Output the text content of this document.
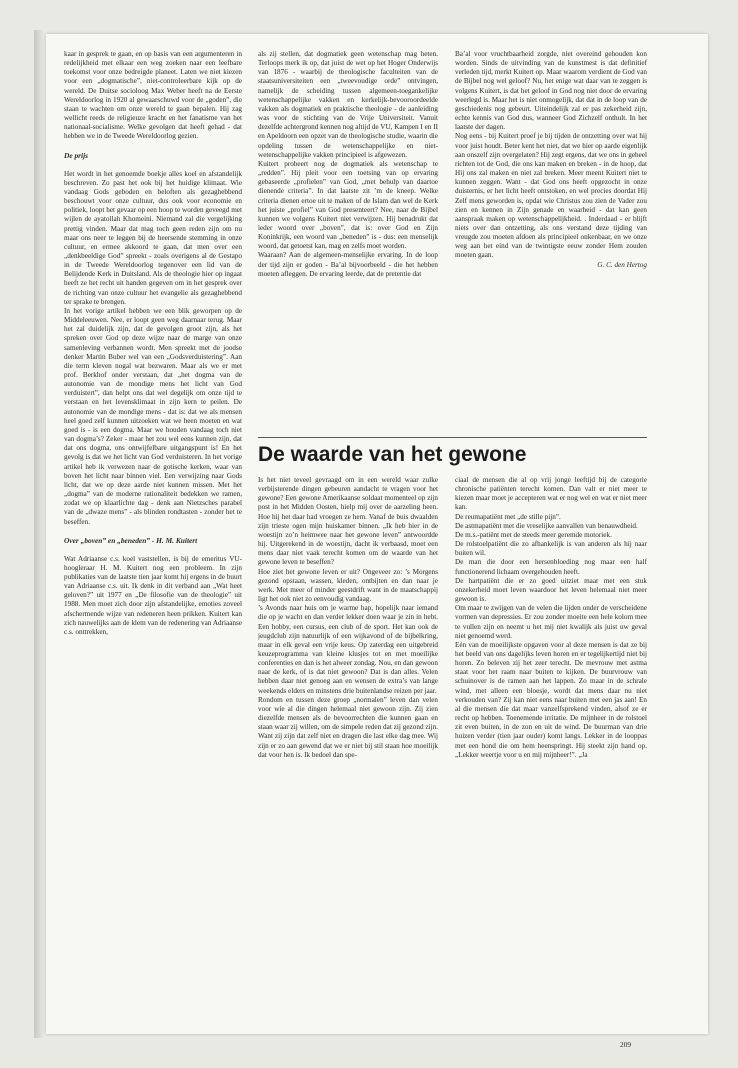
kaar in gesprek te gaan, en op basis van een argumenteren in redelijkheid met elkaar een weg zoeken naar een leefbare toekomst voor onze bedreigde planeet. Laten we niet kiezen voor een „dogmatische”, niet-controleerbare kijk op de wereld. De Duitse socioloog Max Weber heeft na de Eerste Wereldoorlog in 1920 al gewaarschuwd voor de „goden”, die staan te wachten om onze wereld te gaan bepalen. Hij zag wellicht reeds de religieuze kracht en het fanatisme van het nationaal-socialisme. Welke gevolgen dat heeft gehad - dat hebben we in de Tweede Wereldoorlog gezien.

De prijs

Het wordt in het genoemde boekje alles koel en afstandelijk beschreven. Zo past het ook bij het huidige klimaat. Wie vandaag Gods geboden en beloften als gezaghebbend beschouwt voor onze cultuur, dus ook voor economie en politiek, loopt het gevaar op een hoop te worden geveegd met wijlen de ayatollah Khomeini. Niemand zal die vergelijking prettig vinden. Maar dat mag toch geen reden zijn om nu maar ons neer te leggen bij de heersende stemming in onze cultuur, en ermee akkoord te gaan, dat men over een „denkbeeldige God” spreekt - zoals overigens al de Gestapo in de Tweede Wereldoorlog tegenover een lid van de Belijdende Kerk in Duitsland. Als de theologie hier op ingaat heeft ze het recht uit handen gegeven om in het gesprek over de richting van onze cultuur het evangelie als gezaghebbend ter sprake te brengen.

In het vorige artikel hebben we een blik geworpen op de Middeleeuwen. Nee, er loopt geen weg daarnaar terug. Maar het zal duidelijk zijn, dat de gevolgen groot zijn, als het spreken over God op deze wijze naar de marge van onze samenleving verbannen wordt. Men spreekt met de joodse denker Martin Buber wel van een „Godsverduistering”. Aan die term kleven nogal wat bezwaren. Maar als we er met prof. Berkhof onder verstaan, dat „het dogma van de autonomie van de mondige mens het licht van God verduistert”, dan helpt ons dat wel degelijk om onze tijd te verstaan en het levensklimaat in zijn kern te peilen. De autonomie van de mondige mens - dat is: dat we als mensen heel goed zelf kunnen uitzoeken wat we heen moeten en wat goed is - is een dogma. Maar we houden vandaag toch niet van dogma’s? Zeker - maar het zou wel eens kunnen zijn, dat dat ons dogma, ons ontwijfelbare uitgangspunt is! En het gevolg is dat we het licht van God verduisteren. In het vorige artikel heb ik verwezen naar de gotische kerken, waar van boven het licht naar binnen viel. Een verwijzing naar Gods licht, dat we op deze aarde niet kunnen missen. Met het „dogma” van de moderne rationaliteit bedekken we ramen, zodat we op klaarlichte dag - denk aan Nietzsches parabel van de „dwaze mens” - als blinden rondtasten - zonder het te beseffen.

Over „boven” en „beneden” - H. M. Kuitert

Wat Adriaanse c.s. koel vaststellen, is bij de emeritus VU-hoogleraar H. M. Kuitert nog een probleem. In zijn publikaties van de laatste tien jaar komt hij ergens in de buurt van Adriaanse c.s. uit. Ik denk in dit verband aan „Wat heet geloven?” uit 1977 en „De filosofie van de theologie” uit 1988. Men moet zich door zijn afstandelijke, emoties zoveel afschermende wijze van redeneren heen prikken. Kuitert kan zich nauwelijks aan de klem van de redenering van Adriaanse c.s. onttrekken,

als zij stellen, dat dogmatiek geen wetenschap mag heten. Terloops merk ik op, dat juist de wet op het Hoger Onderwijs van 1876 - waarbij de theologische faculteiten van de staatsuniversiteiten een „tweevoudige orde” ontvingen, namelijk de scheiding tussen algemeen-toegankelijke wetenschappelijke vakken en kerkelijk-bevooroordeelde vakken als dogmatiek en praktische theologie - de aanleiding was voor de stichting van de Vrije Universiteit. Vanuit dezelfde achtergrond kennen nog altijd de VU, Kampen I en II en Apeldoorn een opzet van de theologische studie, waarin die opdeling tussen de wetenschappelijke en niet-wetenschappelijke vakken principieel is afgewezen.

Kuitert probeert nog de dogmatiek als wetenschap te „redden”. Hij pleit voor een toetsing van op ervaring gebaseerde „profielen” van God, „met behulp van daartoe dienende criteria”. In dat laatste zit ’m de kneep. Welke criteria dienen ertoe uit te maken of de Islam dan wel de Kerk het juiste „profiel” van God presenteert? Nee, naar de Bijbel kunnen we volgens Kuitert niet verwijzen. Hij benadrukt dat ieder woord over „boven”, dat is: over God en Zijn Koninkrijk, een woord van „beneden” is - dus: een menselijk woord, dat getoetst kan, mag en zelfs moet worden.

Waaraan? Aan de algemeen-menselijke ervaring. In de loop der tijd zijn er goden - Ba’al bijvoorbeeld - die het hebben moeten afleggen. De ervaring leerde, dat de pretentie dat

Ba’al voor vruchtbaarheid zorgde, niet overeind gehouden kon worden. Sinds de uitvinding van de kunstmest is dat definitief verleden tijd, merkt Kuitert op. Maar waarom verdient de God van de Bijbel nog wel geloof? Nu, het enige wat daar van te zeggen is volgens Kuitert, is dat het geloof in God nog niet door de ervaring weerlegd is. Maar het is niet onmogelijk, dat dat in de loop van de geschiedenis nog gebeurt. Uiteindelijk zal er pas zekerheid zijn, echte kennis van God dus, wanneer God Zichzelf onthult. In het laatste der dagen.

Nog eens - bij Kuitert proef je bij tijden de ontzetting over wat hij voor juist houdt. Beter kent het niet, dat we hier op aarde eigenlijk aan onszelf zijn overgelaten? Hij zegt ergens, dat we ons in geheel richten tot de God, die ons kan maken en breken - in de hoop, dat Hij ons zal maken en niet zal breken. Meer meent Kuitert niet te kunnen zeggen. Want - dat God ons heeft opgezocht in onze duisternis, er het licht heeft ontstoken, en wel precies doordat Hij Zelf mens geworden is, opdat wie Christus zou zien de Vader zou zien en kennen in Zijn genade en waarheid - dat kan geen aanspraak maken op wetenschappelijkheid. . Inderdaad - er blijft niets over dan ontzetting, als ons verstand deze tijding van vreugde zou moeten afdoen als principieel onkenbaar, en we onze weg aan het eind van de twintigste eeuw zonder Hem zouden moeten gaan.

G. C. den Hertog

De waarde van het gewone

Is het niet teveel gevraagd om in een wereld waar zulke verbijsterende dingen gebeuren aandacht te vragen voor het gewone? Een gewone Amerikaanse soldaat momenteel op zijn post in het Midden Oosten, hielp mij over de aarzeling heen. Hoe hij het daar had vroegen ze hem. Vanaf de buis dwaalden zijn trieste ogen mijn huiskamer binnen. „Ik heb hier in de woestijn zo’n heimwee naar het gewone leven” antwoordde hij. Uitgerekend in de woestijn, dacht ik verbaasd, moet een mens daar niet vaak terecht komen om de waarde van het gewone leven te beseffen?

Hoe ziet het gewone leven er uit? Ongeveer zo: ’s Morgens gezond opstaan, wassen, kleden, ontbijten en dan naar je werk. Met meer of minder geestdrift want in de maatschappij ligt het ook niet zo eenvoudig vandaag.

’s Avonds naar huis om je warme hap, hopelijk naar iemand die op je wacht en dan verder lekker doen waar je zin in hebt. Een hobby, een cursus, een club of de sport. Het kan ook de jeugdclub zijn natuurlijk of een wijkavond of de bijbelkring, maar in elk geval een vrije keus. Op zaterdag een uitgebreid keuzeprogramma van kleine klusjes tot en met moeilijke conferenties en dan is het alweer zondag. Nou, en dan gewoon naar de kerk, of is dat niet gewoon? Dat is dan alles. Velen hebben daar niet genoeg aan en wensen de extra’s van lange weekends elders en minstens drie buitenlandse reizen per jaar.

Rondom en tussen deze groep „normalen” leven dan velen voor wie al die dingen helemaal niet gewoon zijn. Zij zien diezelfde mensen als de bevoorrechten die kunnen gaan en staan waar zij willen, om de simpele reden dat zij gezond zijn. Want zij zijn dat zelf niet en dragen die last elke dag mee. Wij zijn er zo aan gewend dat we er niet bij stil staan hoe moeilijk dat voor hen is. Ik bedoel dan spe-

ciaal de mensen die al op vrij jonge leeftijd bij de categorie chronische patiënten terecht komen. Dan valt er niet meer te kiezen maar moet je accepteren wat er nog wel en wat er niet meer kan.

De reumapatiënt met „de stille pijn”.

De astmapatiënt met die vreselijke aanvallen van benauwdheid.

De m.s.-patiënt met de steeds meer geremde motoriek.

De rolstoelpatiënt die zo afhankelijk is van anderen als hij naar buiten wil.

De man die door een hersenbloeding nog maar een half functionerend lichaam overgehouden heeft.

De hartpatiënt die er zo goed uitziet maar met een stuk onzekerheid moet leven waardoor het leven helemaal niet meer gewoon is.

Om maar te zwijgen van de velen die lijden onder de verscheidene vormen van depressies. Er zou zonder moeite een hele kolom mee te vullen zijn en neemt u het mij niet kwalijk als juist uw geval niet genoemd werd.

Eén van de moeilijkste opgaven voor al deze mensen is dat ze bij het beeld van ons dagelijks leven horen en er tegelijkertijd niet bij horen. Zo beleven zij het zeer terecht. De mevrouw met astma staat voor het raam naar buiten te kijken. De buurvrouw van schuinover is de ramen aan het lappen. Zo maar in de schrale wind, met alleen een bloesje, wordt dat mens daar nu niet verkouden van? Zij kan niet eens naar buiten met een jas aan! En al die mensen die dat maar vanzelfsprekend vinden, alsof ze er recht op hebben. Toenemende irritatie. De mijnheer in de rolstoel zit even buiten, in de zon en uit de wind. De buurman van drie huizen verder (tien jaar ouder) komt langs. Lekker in de looppas met een hond die om hem heenspringt. Hij steekt zijn hand op. „Lekker weertje voor u en mij mijnheer!”. „Ja

209
